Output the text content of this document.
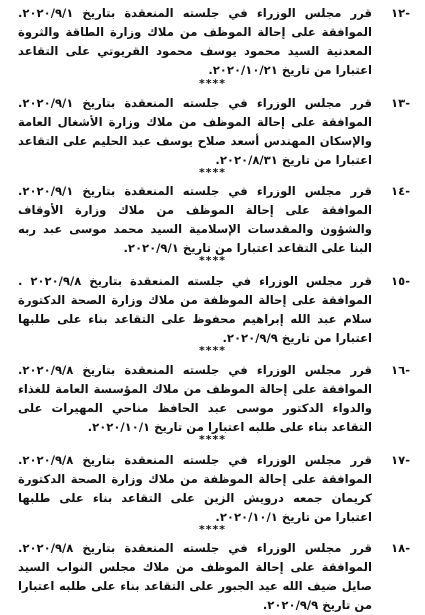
-١٢
قرر مجلس الوزراء في جلسته المنعقدة بتاريخ ٢٠٢٠/٩/١. الموافقة على إحالة الموظف من ملاك وزارة الطاقة والثروة المعدنية السيد محمود يوسف محمود القريوتي على التقاعد اعتبارا من تاريخ ٢٠٢٠/١٠/٢١.
****
-١٣
قرر مجلس الوزراء في جلسته المنعقدة بتاريخ ٢٠٢٠/٩/١. الموافقة على إحالة الموظف من ملاك وزارة الأشغال العامة والإسكان المهندس أسعد صلاح يوسف عبد الحليم على التقاعد اعتبارا من تاريخ ٢٠٢٠/٨/٣١.
****
-١٤
قرر مجلس الوزراء في جلسته المنعقدة بتاريخ ٢٠٢٠/٩/١. الموافقة على إحالة الموظف من ملاك وزارة الأوقاف والشؤون والمقدسات الإسلامية السيد محمد موسى عبد ربه البنا على التقاعد اعتبارا من تاريخ ٢٠٢٠/٩/١.
****
-١٥
قرر مجلس الوزراء في جلسته المنعقدة بتاريخ ٢٠٢٠/٩/٨ . الموافقة على إحالة الموظفة من ملاك وزارة الصحة الدكتورة سلام عبد الله إبراهيم محفوظ على التقاعد بناء على طلبها اعتبارا من تاريخ ٢٠٢٠/٩/٩.
****
-١٦
قرر مجلس الوزراء في جلسته المنعقدة بتاريخ ٢٠٢٠/٩/٨. الموافقة على إحالة الموظف من ملاك المؤسسة العامة للغذاء والدواء الدكتور موسى عبد الحافظ مناحي المهيرات على التقاعد بناء على طلبه اعتبارا من تاريخ ٢٠٢٠/١٠/١.
****
-١٧
قرر مجلس الوزراء في جلسته المنعقدة بتاريخ ٢٠٢٠/٩/٨. الموافقة على إحالة الموظفة من ملاك وزارة الصحة الدكتورة كريمان جمعه درويش الزين على التقاعد بناء على طلبها اعتبارا من تاريخ ٢٠٢٠/١٠/١.
****
-١٨
قرر مجلس الوزراء في جلسته المنعقدة بتاريخ ٢٠٢٠/٩/٨. الموافقة على إحالة الموظف من ملاك مجلس النواب السيد صايل ضيف الله عيد الجبور على التقاعد بناء على طلبه اعتبارا من تاريخ ٢٠٢٠/٩/٩.
